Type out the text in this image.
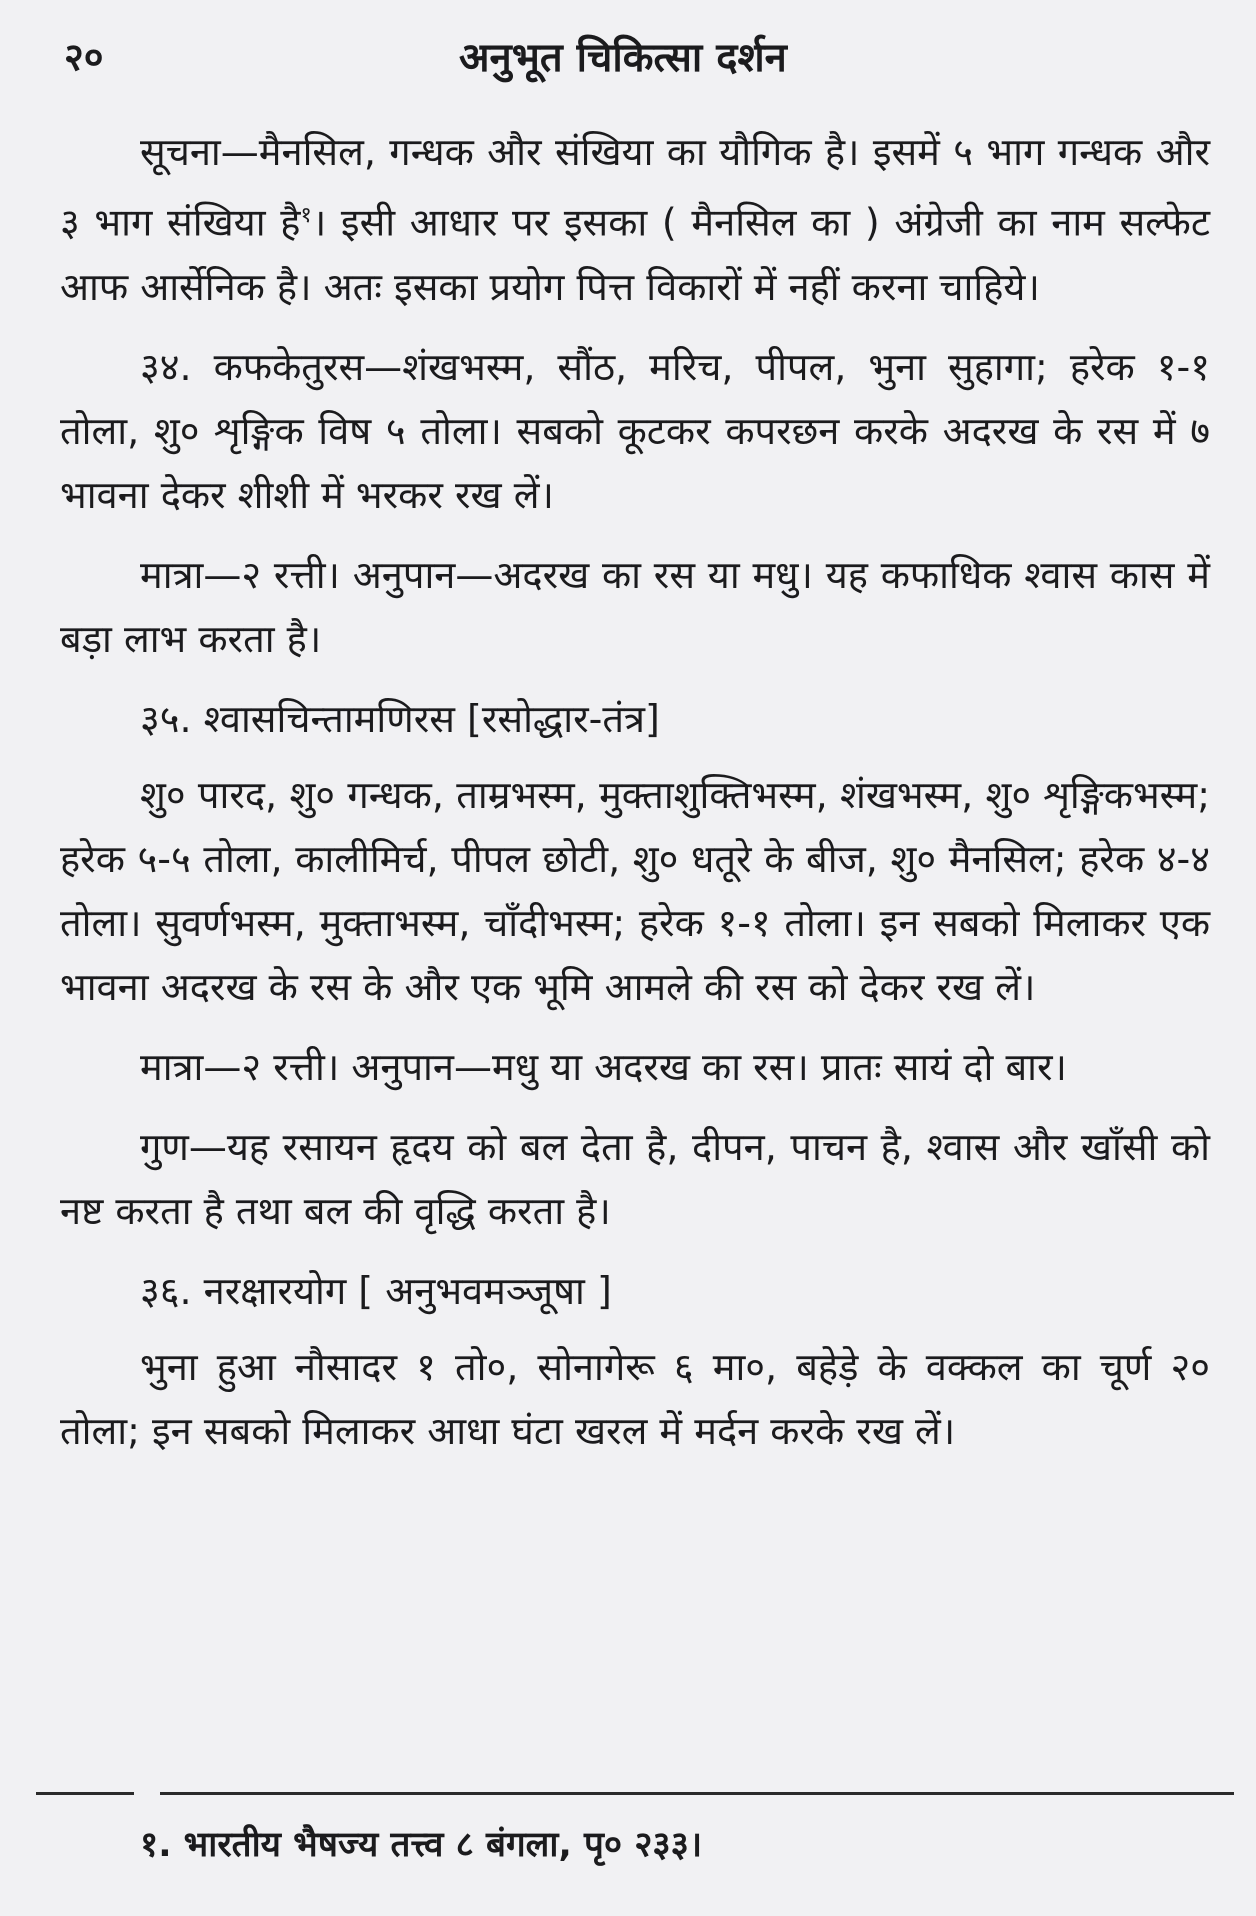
२०	अनुभूत चिकित्सा दर्शन

सूचना—मैनसिल, गन्धक और संखिया का यौगिक है। इसमें ५ भाग गन्धक और ३ भाग संखिया है$^१$। इसी आधार पर इसका ( मैनसिल का ) अंग्रेजी का नाम सल्फेट आफ आर्सेनिक है। अतः इसका प्रयोग पित्त विकारों में नहीं करना चाहिये।

३४. कफकेतुरस—शंखभस्म, सौंठ, मरिच, पीपल, भुना सुहागा; हरेक १-१ तोला, शु० शृङ्गिक विष ५ तोला। सबको कूटकर कपरछन करके अदरख के रस में ७ भावना देकर शीशी में भरकर रख लें।

मात्रा—२ रत्ती। अनुपान—अदरख का रस या मधु। यह कफाधिक श्वास कास में बड़ा लाभ करता है।

३५. श्वासचिन्तामणिरस [रसोद्धार-तंत्र]

शु० पारद, शु० गन्धक, ताम्रभस्म, मुक्ताशुक्तिभस्म, शंखभस्म, शु० शृङ्गिकभस्म; हरेक ५-५ तोला, कालीमिर्च, पीपल छोटी, शु० धतूरे के बीज, शु० मैनसिल; हरेक ४-४ तोला। सुवर्णभस्म, मुक्ताभस्म, चाँदीभस्म; हरेक १-१ तोला। इन सबको मिलाकर एक भावना अदरख के रस के और एक भूमि आमले की रस को देकर रख लें।

मात्रा—२ रत्ती। अनुपान—मधु या अदरख का रस। प्रातः सायं दो बार।

गुण—यह रसायन हृदय को बल देता है, दीपन, पाचन है, श्वास और खाँसी को नष्ट करता है तथा बल की वृद्धि करता है।

३६. नरक्षारयोग [ अनुभवमञ्जूषा ]

भुना हुआ नौसादर १ तो०, सोनागेरू ६ मा०, बहेड़े के वक्कल का चूर्ण २० तोला; इन सबको मिलाकर आधा घंटा खरल में मर्दन करके रख लें।

१. भारतीय भैषज्य तत्त्व ८ बंगला, पृ० २३३।
